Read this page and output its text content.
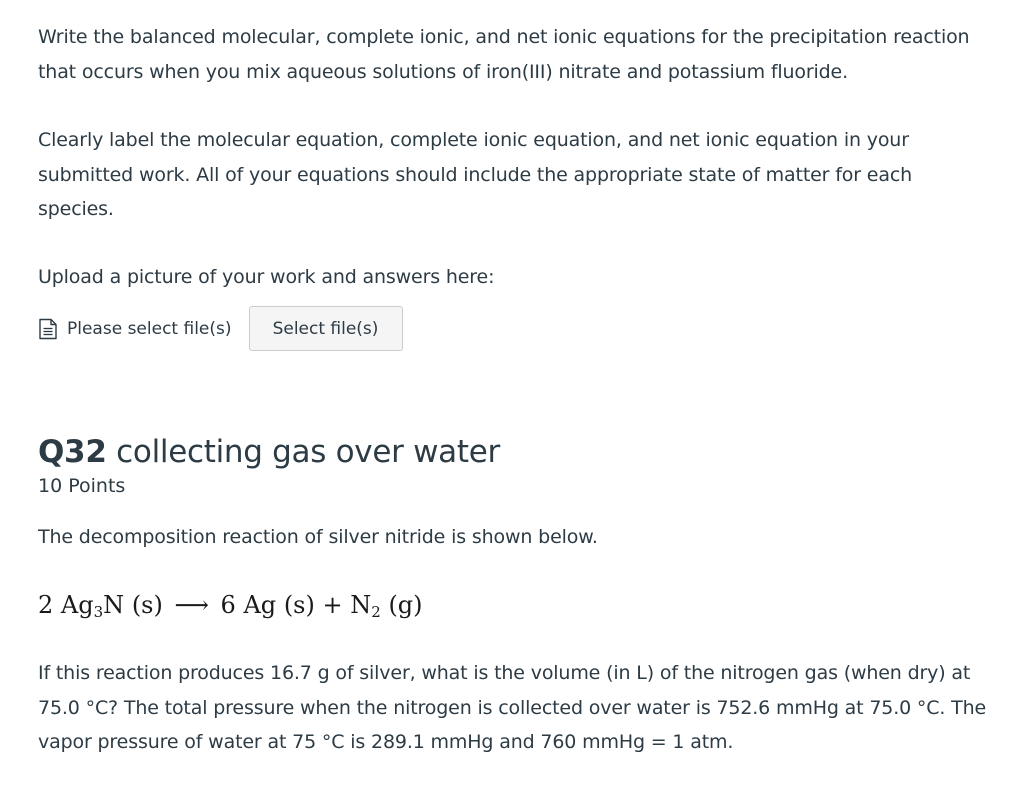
Write the balanced molecular, complete ionic, and net ionic equations for the precipitation reaction that occurs when you mix aqueous solutions of iron(III) nitrate and potassium fluoride.

Clearly label the molecular equation, complete ionic equation, and net ionic equation in your submitted work. All of your equations should include the appropriate state of matter for each species.

Upload a picture of your work and answers here:

Please select file(s)	Select file(s)
Q32 collecting gas over water
10 Points

The decomposition reaction of silver nitride is shown below.

2 $Ag_3N$ (s) ⟶ 6 Ag $(s) + N_2$ (g)

If this reaction produces 16.7 g of silver, what is the volume (in L) of the nitrogen gas (when dry) at 75.0 °C? The total pressure when the nitrogen is collected over water is 752.6 mmHg at 75.0 °C. The vapor pressure of water at 75 °C is 289.1 mmHg and 760 mmHg = 1 atm.
